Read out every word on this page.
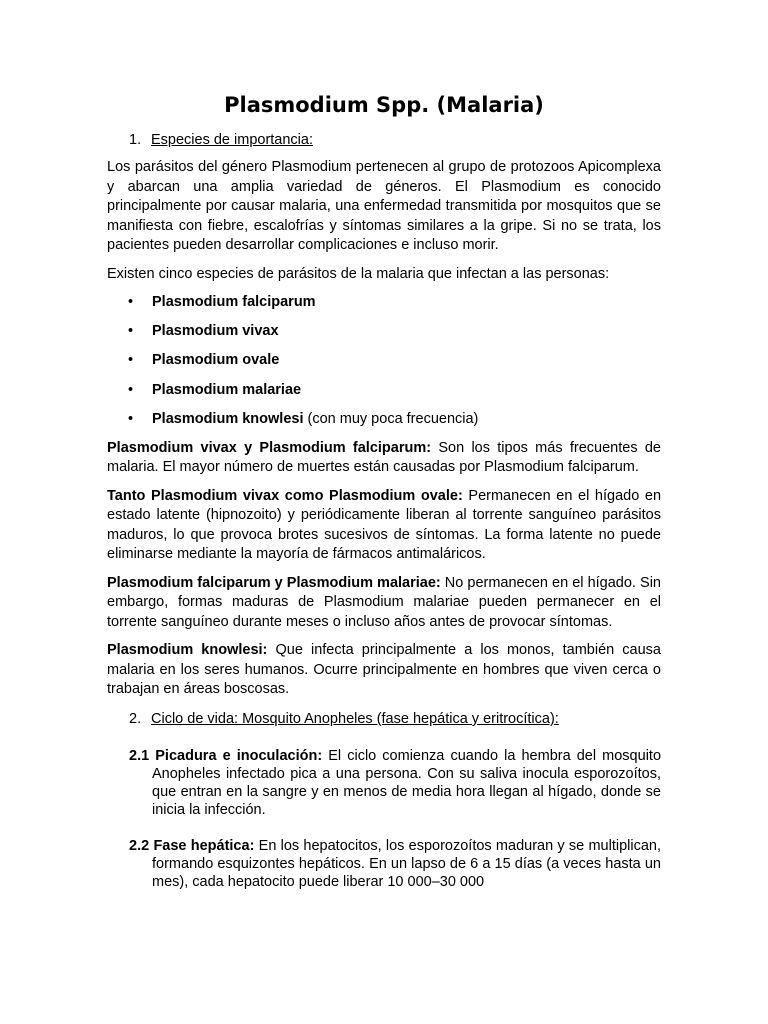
Plasmodium Spp. (Malaria)
1. Especies de importancia:

Los parásitos del género Plasmodium pertenecen al grupo de protozoos Apicomplexa y abarcan una amplia variedad de géneros. El Plasmodium es conocido principalmente por causar malaria, una enfermedad transmitida por mosquitos que se manifiesta con fiebre, escalofrías y síntomas similares a la gripe. Si no se trata, los pacientes pueden desarrollar complicaciones e incluso morir.

Existen cinco especies de parásitos de la malaria que infectan a las personas:

• Plasmodium falciparum
• Plasmodium vivax
• Plasmodium ovale
• Plasmodium malariae
• Plasmodium knowlesi (con muy poca frecuencia)

Plasmodium vivax y Plasmodium falciparum: Son los tipos más frecuentes de malaria. El mayor número de muertes están causadas por Plasmodium falciparum.

Tanto Plasmodium vivax como Plasmodium ovale: Permanecen en el hígado en estado latente (hipnozoito) y periódicamente liberan al torrente sanguíneo parásitos maduros, lo que provoca brotes sucesivos de síntomas. La forma latente no puede eliminarse mediante la mayoría de fármacos antimaláricos.

Plasmodium falciparum y Plasmodium malariae: No permanecen en el hígado. Sin embargo, formas maduras de Plasmodium malariae pueden permanecer en el torrente sanguíneo durante meses o incluso años antes de provocar síntomas.

Plasmodium knowlesi: Que infecta principalmente a los monos, también causa malaria en los seres humanos. Ocurre principalmente en hombres que viven cerca o trabajan en áreas boscosas.

2. Ciclo de vida: Mosquito Anopheles (fase hepática y eritrocítica):

2.1 Picadura e inoculación: El ciclo comienza cuando la hembra del mosquito Anopheles infectado pica a una persona. Con su saliva inocula esporozoítos, que entran en la sangre y en menos de media hora llegan al hígado, donde se inicia la infección.

2.2 Fase hepática: En los hepatocitos, los esporozoítos maduran y se multiplican, formando esquizontes hepáticos. En un lapso de 6 a 15 días (a veces hasta un mes), cada hepatocito puede liberar 10 000–30 000
